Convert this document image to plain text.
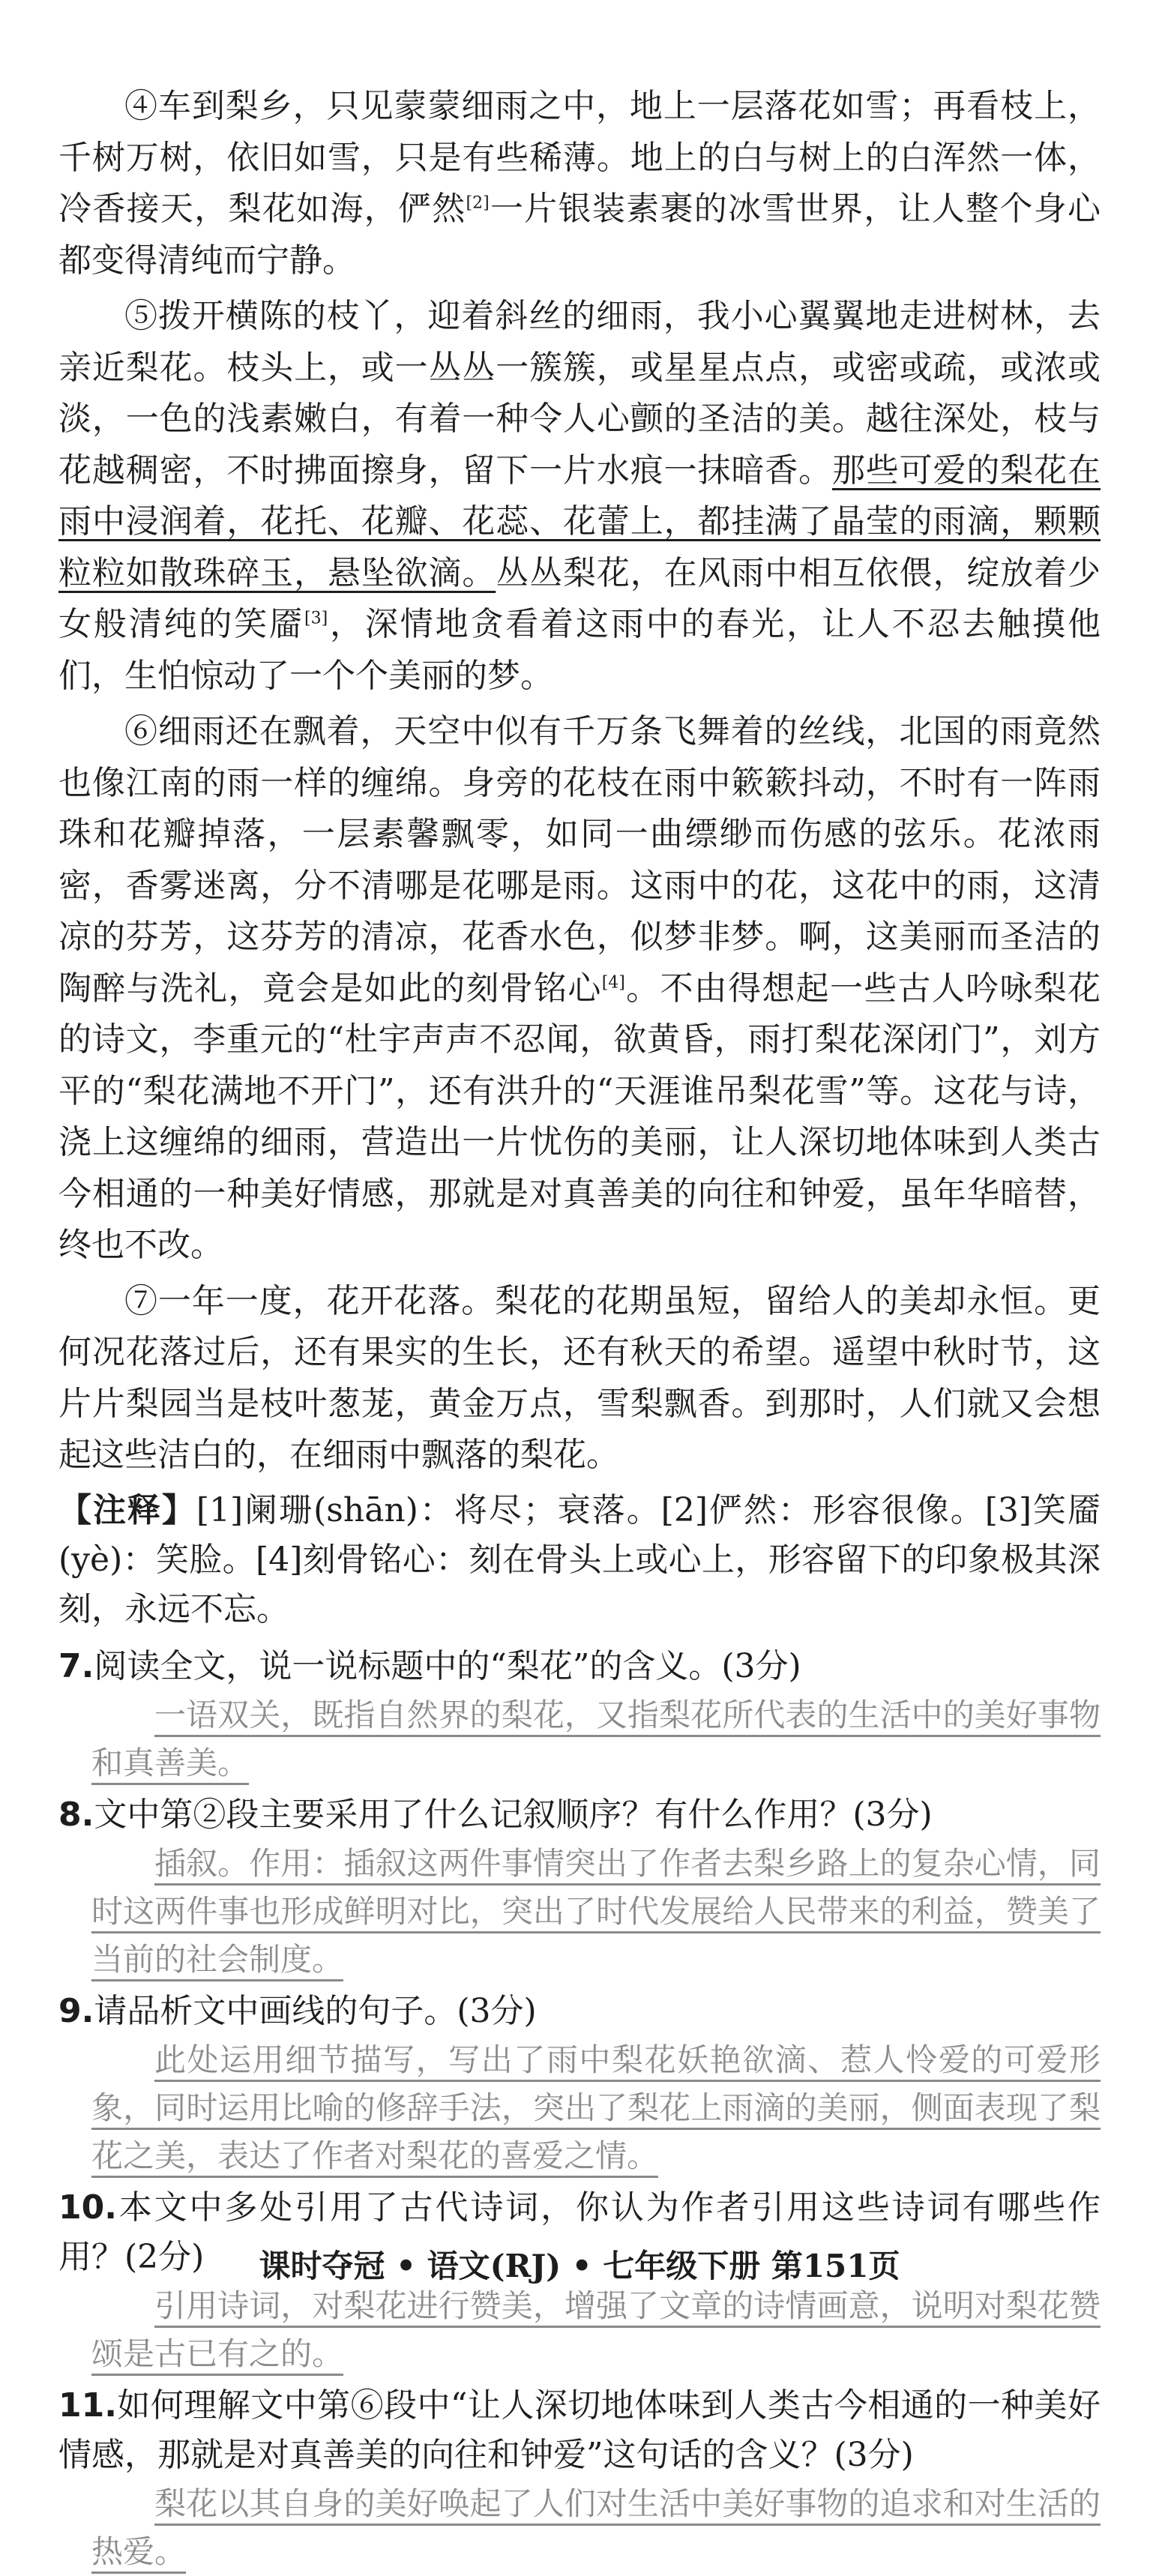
④车到梨乡，只见蒙蒙细雨之中，地上一层落花如雪；再看枝上，千树万树，依旧如雪，只是有些稀薄。地上的白与树上的白浑然一体，冷香接天，梨花如海，俨然[2]一片银装素裹的冰雪世界，让人整个身心都变得清纯而宁静。

⑤拨开横陈的枝丫，迎着斜丝的细雨，我小心翼翼地走进树林，去亲近梨花。枝头上，或一丛丛一簇簇，或星星点点，或密或疏，或浓或淡，一色的浅素嫩白，有着一种令人心颤的圣洁的美。越往深处，枝与花越稠密，不时拂面擦身，留下一片水痕一抹暗香。那些可爱的梨花在雨中浸润着，花托、花瓣、花蕊、花蕾上，都挂满了晶莹的雨滴，颗颗粒粒如散珠碎玉，悬坠欲滴。丛丛梨花，在风雨中相互依偎，绽放着少女般清纯的笑靥[3]，深情地贪看着这雨中的春光，让人不忍去触摸他们，生怕惊动了一个个美丽的梦。

⑥细雨还在飘着，天空中似有千万条飞舞着的丝线，北国的雨竟然也像江南的雨一样的缠绵。身旁的花枝在雨中簌簌抖动，不时有一阵雨珠和花瓣掉落，一层素馨飘零，如同一曲缥缈而伤感的弦乐。花浓雨密，香雾迷离，分不清哪是花哪是雨。这雨中的花，这花中的雨，这清凉的芬芳，这芬芳的清凉，花香水色，似梦非梦。啊，这美丽而圣洁的陶醉与洗礼，竟会是如此的刻骨铭心[4]。不由得想起一些古人吟咏梨花的诗文，李重元的“杜宇声声不忍闻，欲黄昏，雨打梨花深闭门”，刘方平的“梨花满地不开门”，还有洪升的“天涯谁吊梨花雪”等。这花与诗，浇上这缠绵的细雨，营造出一片忧伤的美丽，让人深切地体味到人类古今相通的一种美好情感，那就是对真善美的向往和钟爱，虽年华暗替，终也不改。

⑦一年一度，花开花落。梨花的花期虽短，留给人的美却永恒。更何况花落过后，还有果实的生长，还有秋天的希望。遥望中秋时节，这片片梨园当是枝叶葱茏，黄金万点，雪梨飘香。到那时，人们就又会想起这些洁白的，在细雨中飘落的梨花。

【注释】[1]阑珊(shān)：将尽；衰落。[2]俨然：形容很像。[3]笑靥(yè)：笑脸。[4]刻骨铭心：刻在骨头上或心上，形容留下的印象极其深刻，永远不忘。

7.阅读全文，说一说标题中的“梨花”的含义。(3分)

一语双关，既指自然界的梨花，又指梨花所代表的生活中的美好事物和真善美。

8.文中第②段主要采用了什么记叙顺序？有什么作用？(3分)

插叙。作用：插叙这两件事情突出了作者去梨乡路上的复杂心情，同时这两件事也形成鲜明对比，突出了时代发展给人民带来的利益，赞美了当前的社会制度。

9.请品析文中画线的句子。(3分)

此处运用细节描写，写出了雨中梨花妖艳欲滴、惹人怜爱的可爱形象，同时运用比喻的修辞手法，突出了梨花上雨滴的美丽，侧面表现了梨花之美，表达了作者对梨花的喜爱之情。

10.本文中多处引用了古代诗词，你认为作者引用这些诗词有哪些作用？(2分)

引用诗词，对梨花进行赞美，增强了文章的诗情画意，说明对梨花赞颂是古已有之的。

11.如何理解文中第⑥段中“让人深切地体味到人类古今相通的一种美好情感，那就是对真善美的向往和钟爱”这句话的含义？(3分)

梨花以其自身的美好唤起了人们对生活中美好事物的追求和对生活的热爱。

课时夺冠 • 语文(RJ) • 七年级下册 第151页
